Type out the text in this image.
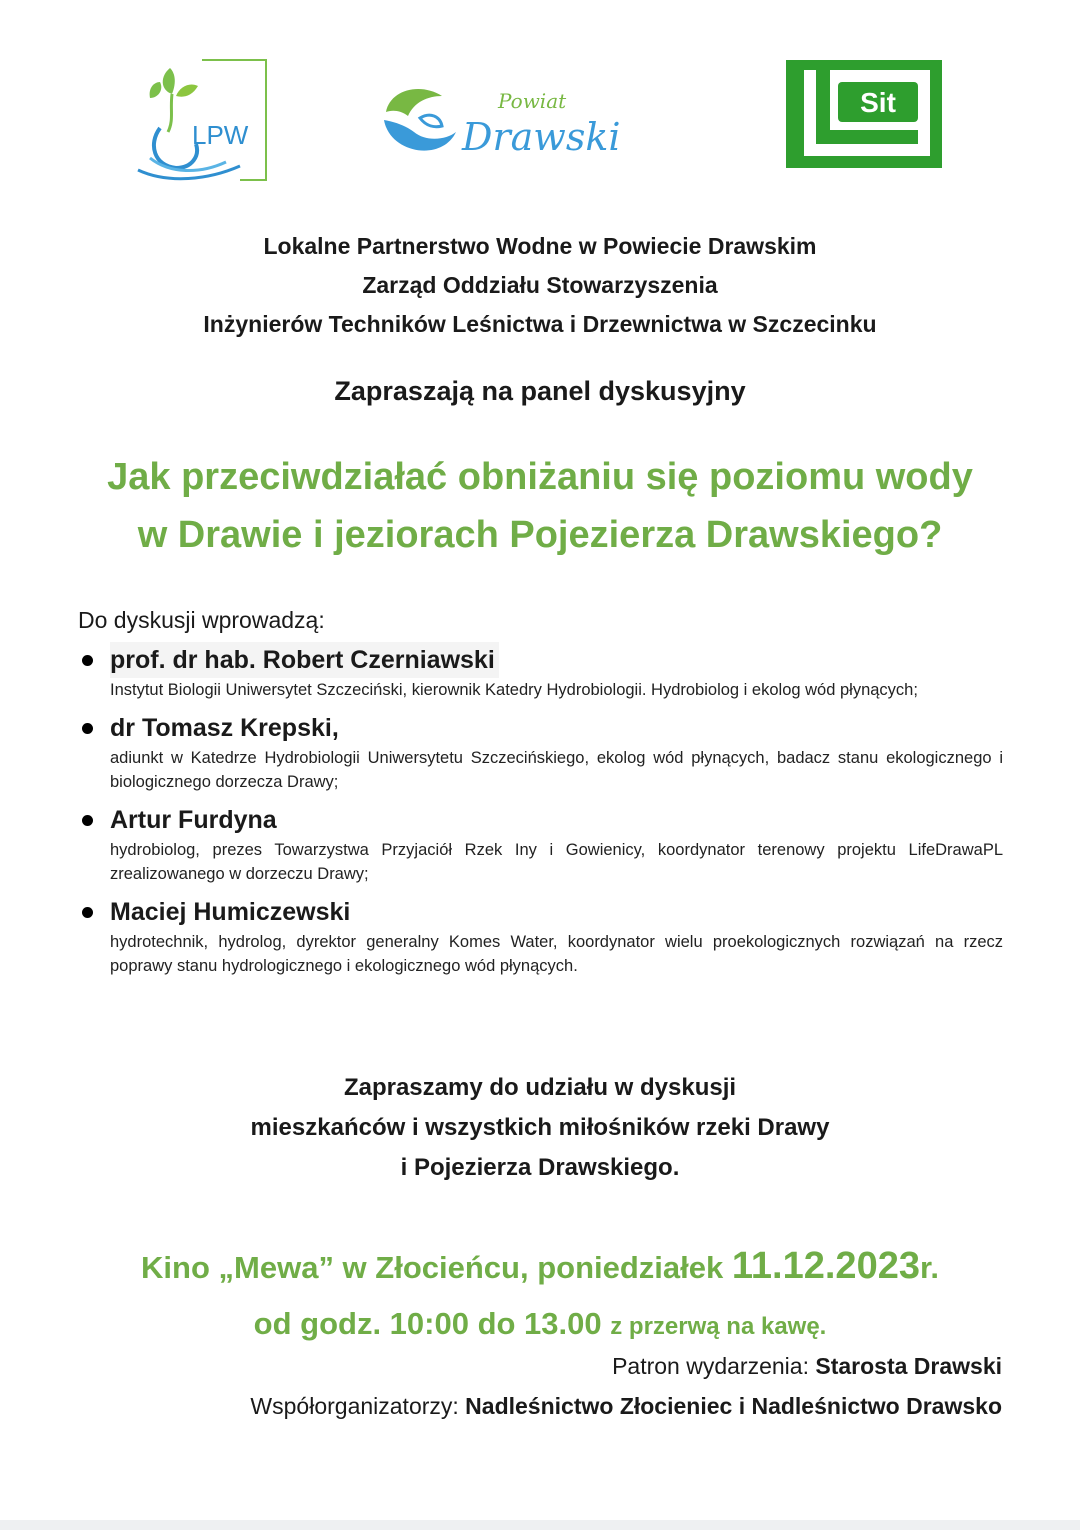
LPW
Powiat
Drawski
Sit
Lokalne Partnerstwo Wodne w Powiecie Drawskim
Zarząd Oddziału Stowarzyszenia
Inżynierów Techników Leśnictwa i Drzewnictwa w Szczecinku
Zapraszają na panel dyskusyjny
Jak przeciwdziałać obniżaniu się poziomu wody
w Drawie i jeziorach Pojezierza Drawskiego?
Do dyskusji wprowadzą:
prof. dr hab. Robert Czerniawski
Instytut Biologii Uniwersytet Szczeciński, kierownik Katedry Hydrobiologii. Hydrobiolog i ekolog wód płynących;
dr Tomasz Krepski,
adiunkt w Katedrze Hydrobiologii Uniwersytetu Szczecińskiego, ekolog wód płynących, badacz stanu ekologicznego i biologicznego dorzecza Drawy;
Artur Furdyna
hydrobiolog, prezes Towarzystwa Przyjaciół Rzek Iny i Gowienicy, koordynator terenowy projektu LifeDrawaPL zrealizowanego w dorzeczu Drawy;
Maciej Humiczewski
hydrotechnik, hydrolog, dyrektor generalny Komes Water, koordynator wielu proekologicznych rozwiązań na rzecz poprawy stanu hydrologicznego i ekologicznego wód płynących.
Zapraszamy do udziału w dyskusji
mieszkańców i wszystkich miłośników rzeki Drawy
i Pojezierza Drawskiego.
Kino „Mewa” w Złocieńcu, poniedziałek 11.12.2023r.
od godz. 10:00 do 13.00 z przerwą na kawę.
Patron wydarzenia: Starosta Drawski
Współorganizatorzy: Nadleśnictwo Złocieniec i Nadleśnictwo Drawsko
